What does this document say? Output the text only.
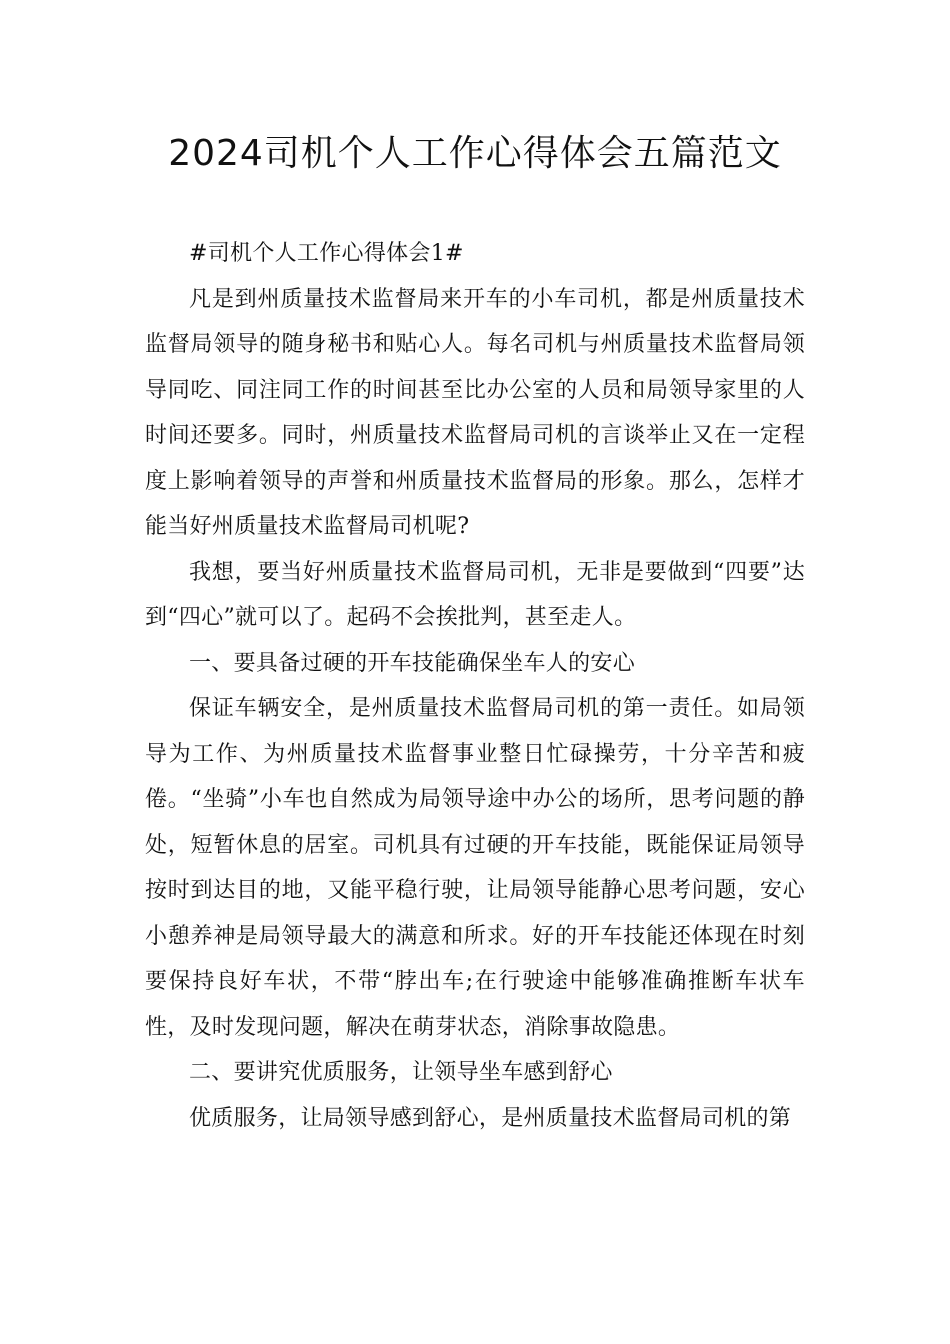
2024司机个人工作心得体会五篇范文

#司机个人工作心得体会1#

凡是到州质量技术监督局来开车的小车司机，都是州质量技术监督局领导的随身秘书和贴心人。每名司机与州质量技术监督局领导同吃、同注同工作的时间甚至比办公室的人员和局领导家里的人时间还要多。同时，州质量技术监督局司机的言谈举止又在一定程度上影响着领导的声誉和州质量技术监督局的形象。那么，怎样才能当好州质量技术监督局司机呢?

我想，要当好州质量技术监督局司机，无非是要做到“四要”达到“四心”就可以了。起码不会挨批判，甚至走人。

一、要具备过硬的开车技能确保坐车人的安心

保证车辆安全，是州质量技术监督局司机的第一责任。如局领导为工作、为州质量技术监督事业整日忙碌操劳，十分辛苦和疲倦。“坐骑”小车也自然成为局领导途中办公的场所，思考问题的静处，短暂休息的居室。司机具有过硬的开车技能，既能保证局领导按时到达目的地，又能平稳行驶，让局领导能静心思考问题，安心小憩养神是局领导最大的满意和所求。好的开车技能还体现在时刻要保持良好车状，不带“脖出车;在行驶途中能够准确推断车状车性，及时发现问题，解决在萌芽状态，消除事故隐患。

二、要讲究优质服务，让领导坐车感到舒心

优质服务，让局领导感到舒心，是州质量技术监督局司机的第
